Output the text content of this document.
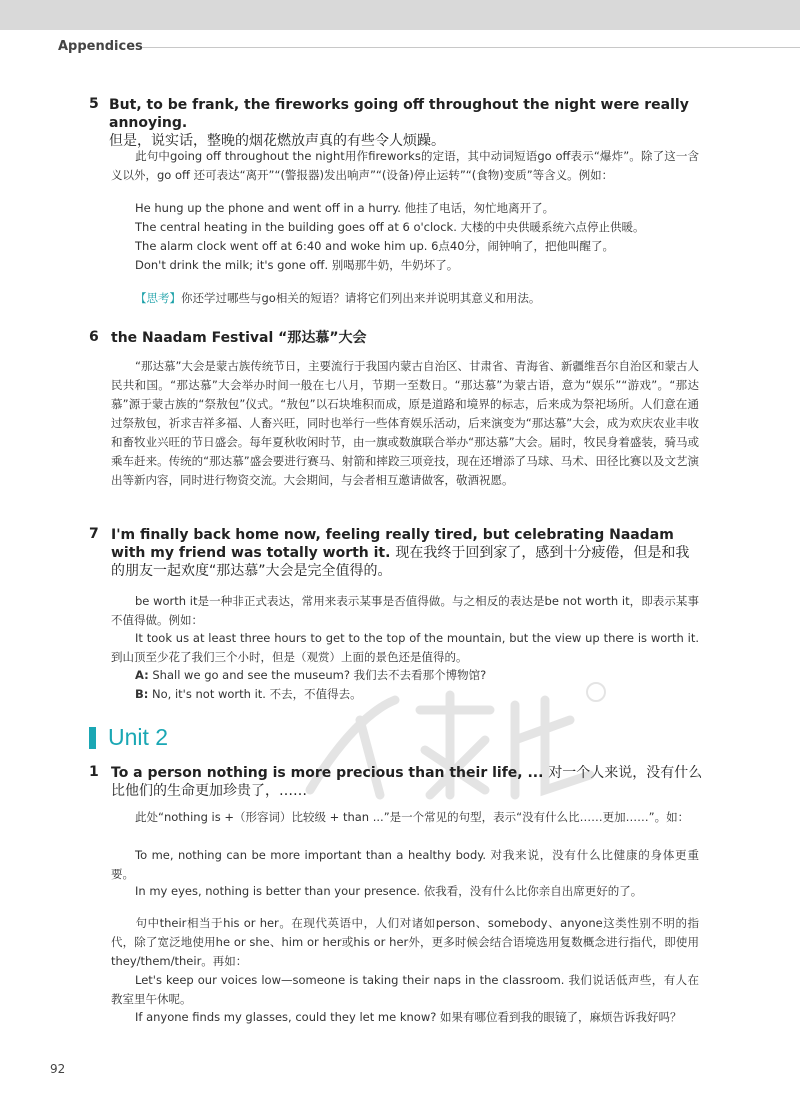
Appendices
5 But, to be frank, the fireworks going off throughout the night were really annoying.
但是，说实话，整晚的烟花燃放声真的有些令人烦躁。
此句中going off throughout the night用作fireworks的定语，其中动词短语go off表示“爆炸”。除了这一含义以外，go off 还可表达“离开”“(警报器)发出响声”“(设备)停止运转”“(食物)变质”等含义。例如：
He hung up the phone and went off in a hurry. 他挂了电话，匆忙地离开了。
The central heating in the building goes off at 6 o'clock. 大楼的中央供暖系统六点停止供暖。
The alarm clock went off at 6:40 and woke him up. 6点40分，闹钟响了，把他叫醒了。
Don't drink the milk; it's gone off. 别喝那牛奶，牛奶坏了。
【思考】你还学过哪些与go相关的短语？请将它们列出来并说明其意义和用法。
6 the Naadam Festival “那达慕”大会
“那达慕”大会是蒙古族传统节日，主要流行于我国内蒙古自治区、甘肃省、青海省、新疆维吾尔自治区和蒙古人民共和国。“那达慕”大会举办时间一般在七八月，节期一至数日。“那达慕”为蒙古语，意为“娱乐”“游戏”。“那达慕”源于蒙古族的“祭敖包”仪式。“敖包”以石块堆积而成，原是道路和境界的标志，后来成为祭祀场所。人们意在通过祭敖包，祈求吉祥多福、人畜兴旺，同时也举行一些体育娱乐活动，后来演变为“那达慕”大会，成为欢庆农业丰收和畜牧业兴旺的节日盛会。每年夏秋收闲时节，由一旗或数旗联合举办“那达慕”大会。届时，牧民身着盛装，骑马或乘车赶来。传统的“那达慕”盛会要进行赛马、射箭和摔跤三项竞技，现在还增添了马球、马术、田径比赛以及文艺演出等新内容，同时进行物资交流。大会期间，与会者相互邀请做客，敬酒祝愿。
7 I'm finally back home now, feeling really tired, but celebrating Naadam with my friend was totally worth it. 现在我终于回到家了，感到十分疲倦，但是和我的朋友一起欢度“那达慕”大会是完全值得的。
be worth it是一种非正式表达，常用来表示某事是否值得做。与之相反的表达是be not worth it，即表示某事不值得做。例如：
It took us at least three hours to get to the top of the mountain, but the view up there is worth it. 到山顶至少花了我们三个小时，但是（观赏）上面的景色还是值得的。
A: Shall we go and see the museum? 我们去不去看那个博物馆?
B: No, it's not worth it. 不去，不值得去。
Unit 2
1 To a person nothing is more precious than their life, ... 对一个人来说，没有什么比他们的生命更加珍贵了，……
此处“nothing is +（形容词）比较级 + than ...”是一个常见的句型，表示“没有什么比……更加……”。如：
To me, nothing can be more important than a healthy body. 对我来说，没有什么比健康的身体更重要。
In my eyes, nothing is better than your presence. 依我看，没有什么比你亲自出席更好的了。
句中their相当于his or her。在现代英语中，人们对诸如person、somebody、anyone这类性别不明的指代，除了宽泛地使用he or she、him or her或his or her外，更多时候会结合语境选用复数概念进行指代，即使用they/them/their。再如：
Let's keep our voices low—someone is taking their naps in the classroom. 我们说话低声些，有人在教室里午休呢。
If anyone finds my glasses, could they let me know? 如果有哪位看到我的眼镜了，麻烦告诉我好吗？
92
